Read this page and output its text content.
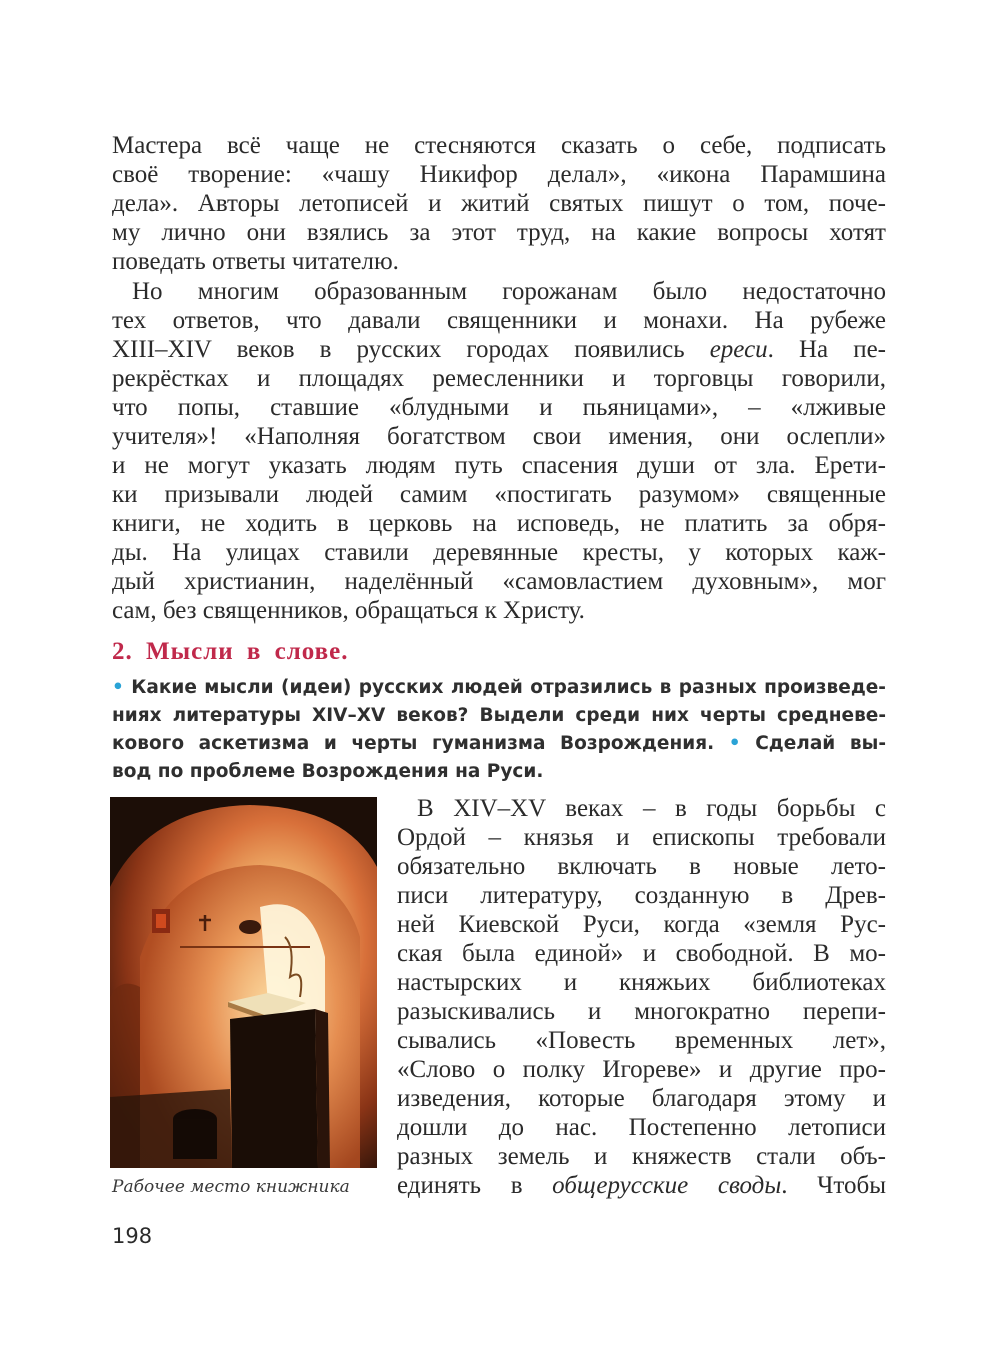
Мастера всё чаще не стесняются сказать о себе, подписать
своё творение: «чашу Никифор делал», «икона Парамшина
дела». Авторы летописей и житий святых пишут о том, поче-
му лично они взялись за этот труд, на какие вопросы хотят
поведать ответы читателю.
Но многим образованным горожанам было недостаточно
тех ответов, что давали священники и монахи. На рубеже
XIII–XIV веков в русских городах появились ереси. На пе-
рекрёстках и площадях ремесленники и торговцы говорили,
что попы, ставшие «блудными и пьяницами», – «лживые
учителя»! «Наполняя богатством свои имения, они ослепли»
и не могут указать людям путь спасения души от зла. Ерети-
ки призывали людей самим «постигать разумом» священные
книги, не ходить в церковь на исповедь, не платить за обря-
ды. На улицах ставили деревянные кресты, у которых каж-
дый христианин, наделённый «самовластием духовным», мог
сам, без священников, обращаться к Христу.
2. Мысли в слове.
• Какие мысли (идеи) русских людей отразились в разных произведе-
ниях литературы XIV–XV веков? Выдели среди них черты средневе-
кового аскетизма и черты гуманизма Возрождения. • Сделай вы-
вод по проблеме Возрождения на Руси.
Рабочее место книжника
В XIV–XV веках – в годы борьбы с
Ордой – князья и епископы требовали
обязательно включать в новые лето-
писи литературу, созданную в Древ-
ней Киевской Руси, когда «земля Рус-
ская была единой» и свободной. В мо-
настырских и княжьих библиотеках
разыскивались и многократно перепи-
сывались «Повесть временных лет»,
«Слово о полку Игореве» и другие про-
изведения, которые благодаря этому и
дошли до нас. Постепенно летописи
разных земель и княжеств стали объ-
единять в общерусские своды. Чтобы
198
